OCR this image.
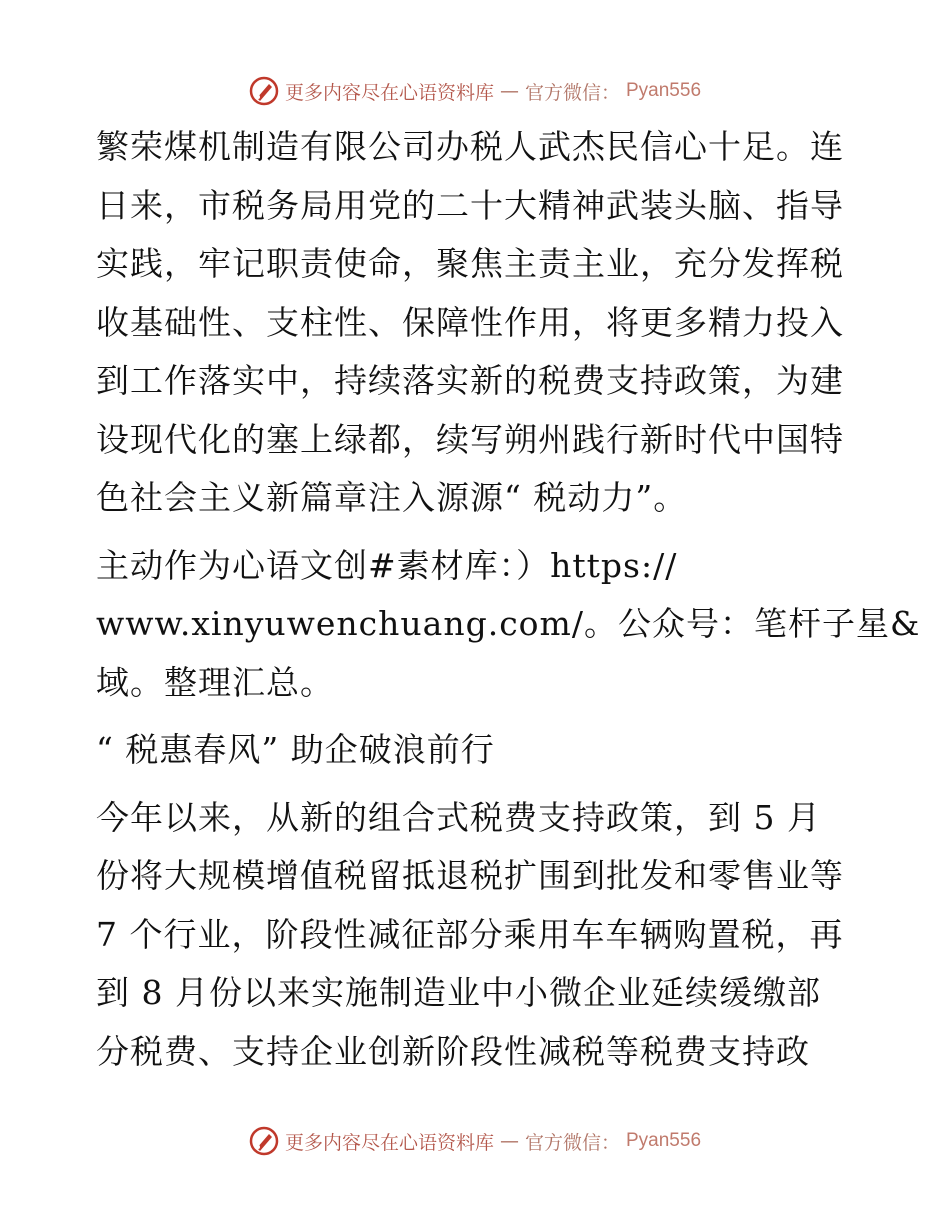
更多内容尽在心语资料库 — 官方微信： Pyan556
繁荣煤机制造有限公司办税人武杰民信心十足。连
日来，市税务局用党的二十大精神武装头脑、指导
实践，牢记职责使命，聚焦主责主业，充分发挥税
收基础性、支柱性、保障性作用，将更多精力投入
到工作落实中，持续落实新的税费支持政策，为建
设现代化的塞上绿都，续写朔州践行新时代中国特
色社会主义新篇章注入源源“ 税动力”。
主动作为心语文创#素材库：）https://
www.xinyuwenchuang.com/。公众号：笔杆子星&
域。整理汇总。
“ 税惠春风” 助企破浪前行
今年以来，从新的组合式税费支持政策，到 5 月
份将大规模增值税留抵退税扩围到批发和零售业等
7 个行业，阶段性减征部分乘用车车辆购置税，再
到 8 月份以来实施制造业中小微企业延续缓缴部
分税费、支持企业创新阶段性减税等税费支持政
更多内容尽在心语资料库 — 官方微信： Pyan556
